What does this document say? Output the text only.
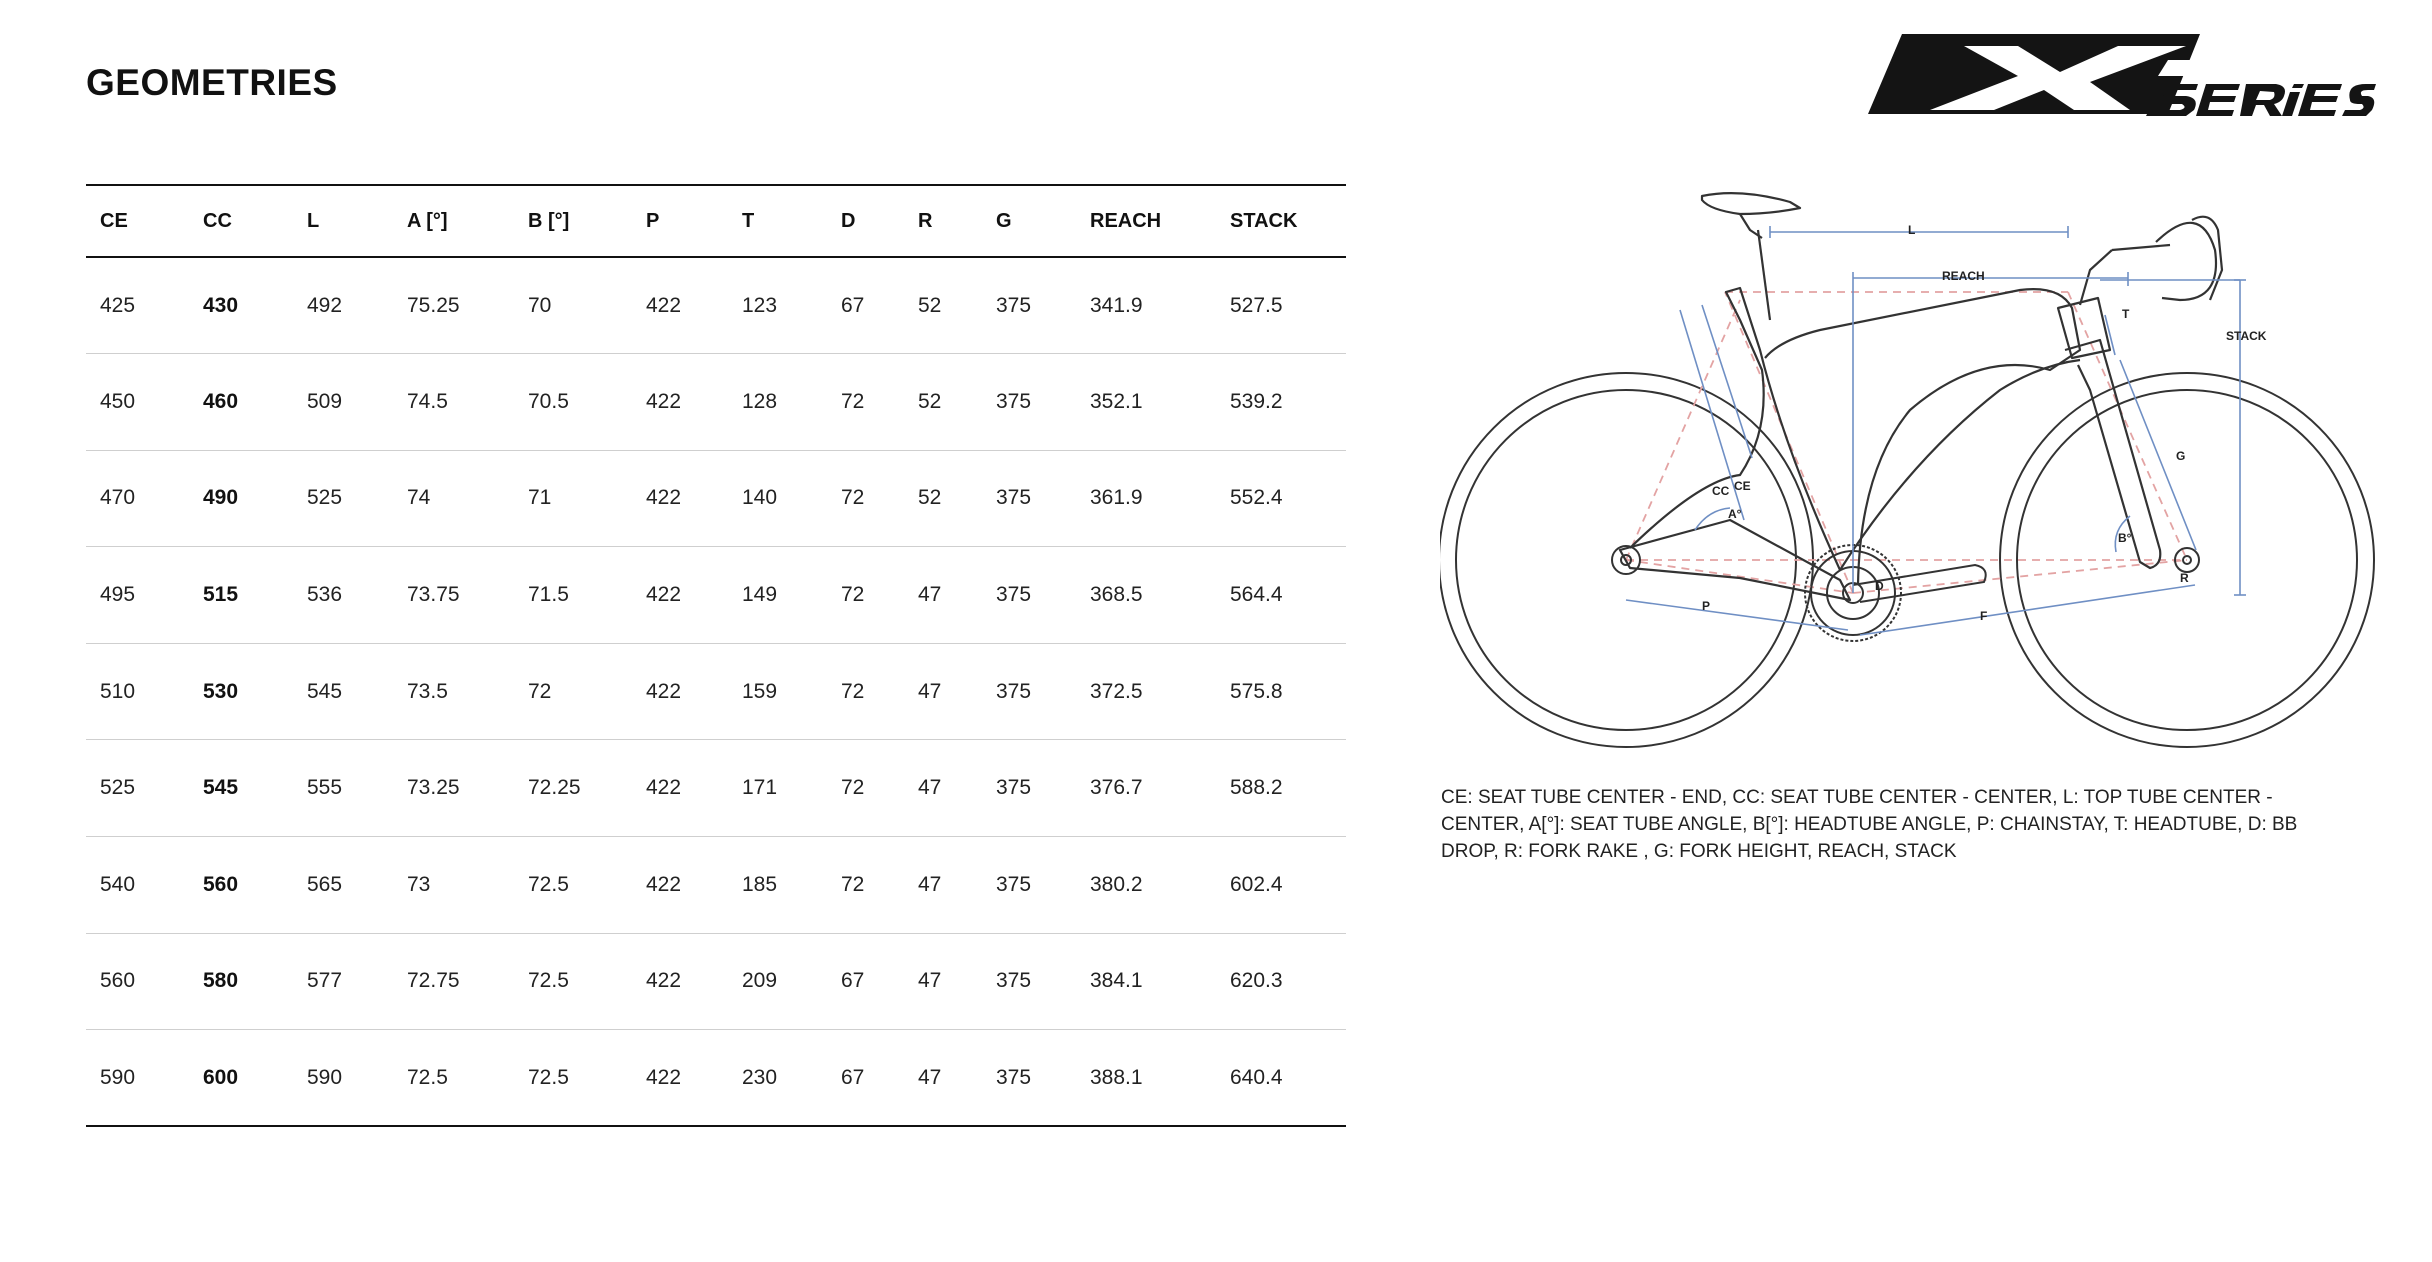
GEOMETRIES
CE	CC	L	A [°]	B [°]	P	T	D	R	G	REACH	STACK
425	430	492	75.25	70	422	123	67	52	375	341.9	527.5
450	460	509	74.5	70.5	422	128	72	52	375	352.1	539.2
470	490	525	74	71	422	140	72	52	375	361.9	552.4
495	515	536	73.75	71.5	422	149	72	47	375	368.5	564.4
510	530	545	73.5	72	422	159	72	47	375	372.5	575.8
525	545	555	73.25	72.25	422	171	72	47	375	376.7	588.2
540	560	565	73	72.5	422	185	72	47	375	380.2	602.4
560	580	577	72.75	72.5	422	209	67	47	375	384.1	620.3
590	600	590	72.5	72.5	422	230	67	47	375	388.1	640.4
L
REACH
STACK
T
G
CC CE
A°
B°
D
R
P
F
CE: SEAT TUBE CENTER - END, CC: SEAT TUBE CENTER - CENTER, L: TOP TUBE CENTER - CENTER, A[°]: SEAT TUBE ANGLE, B[°]: HEADTUBE ANGLE, P: CHAINSTAY, T: HEADTUBE, D: BB DROP, R: FORK RAKE , G: FORK HEIGHT, REACH, STACK
